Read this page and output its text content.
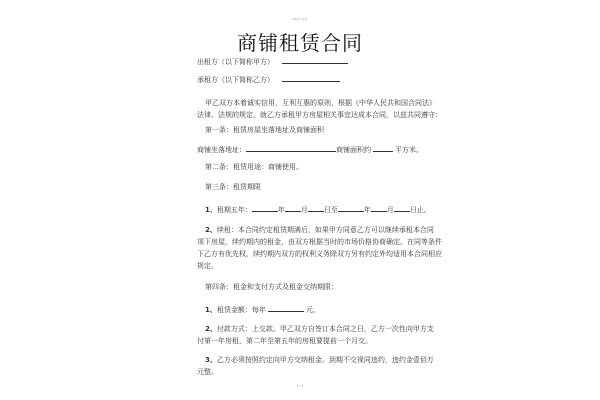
Word 文档
商铺租赁合同
出租方（以下简称甲方）
承租方（以下简称乙方）
甲乙双方本着诚实信用，互利互惠的原则，根据《中华人民共和国合同法》
法律、法规的规定，就乙方承租甲方房屋相关事宜达成本合同，以兹共同遵守：
第一条：租赁房屋坐落地址及商铺面积
商铺坐落地址：	商铺面积约	平方米。
第二条：租赁用途：商铺使用。
第三条：租赁期限
1、租期五年：	年 月 日至	年 月 日止。
2、续租：本合同约定租赁期满后，如果甲方同意乙方可以继续承租本合同
项下房屋，续约期内的租金，由双方根据当时的市场价格协商确定。在同等条件
下乙方有优先权，续约期内双方的权利义务除双方另有约定外均适用本合同相应
规定。
第四条：租金和支付方式及租金交纳期限：
1、租赁金额：每年	元。
2、付款方式：上交款。甲乙双方自签订本合同之日，乙方一次性向甲方支
付第一年房租，第二年至第五年的房租要提前一个月交。
3、乙方必须按照约定向甲方交纳租金。到期不交视同违约，违约金壹佰万
元整。
1 / 3
